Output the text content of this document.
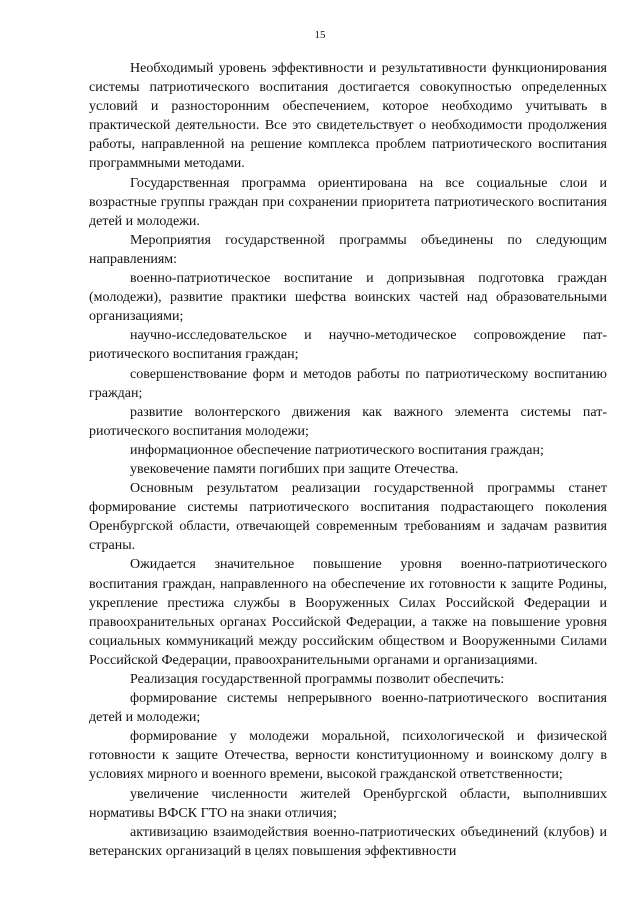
15

Необходимый уровень эффективности и результативности функционирования системы патриотического воспитания достигается совокупностью определенных условий и разносторонним обеспечением, которое необходимо учитывать в практической деятельности. Все это свидетельствует о необходимости продолжения работы, направленной на решение комплекса проблем патриотического воспитания программными методами.

Государственная программа ориентирована на все социальные слои и возрастные группы граждан при сохранении приоритета патриотического воспитания детей и молодежи.

Мероприятия государственной программы объединены по следующим направлениям:

военно-патриотическое воспитание и допризывная подготовка граждан (молодежи), развитие практики шефства воинских частей над образовательными организациями;

научно-исследовательское и научно-методическое сопровождение патриотического воспитания граждан;

совершенствование форм и методов работы по патриотическому воспитанию граждан;

развитие волонтерского движения как важного элемента системы патриотического воспитания молодежи;

информационное обеспечение патриотического воспитания граждан;

увековечение памяти погибших при защите Отечества.

Основным результатом реализации государственной программы станет формирование системы патриотического воспитания подрастающего поколения Оренбургской области, отвечающей современным требованиям и задачам развития страны.

Ожидается значительное повышение уровня военно-патриотического воспитания граждан, направленного на обеспечение их готовности к защите Родины, укрепление престижа службы в Вооруженных Силах Российской Федерации и правоохранительных органах Российской Федерации, а также на повышение уровня социальных коммуникаций между российским обществом и Вооруженными Силами Российской Федерации, правоохранительными органами и организациями.

Реализация государственной программы позволит обеспечить:

формирование системы непрерывного военно-патриотического воспитания детей и молодежи;

формирование у молодежи моральной, психологической и физической готовности к защите Отечества, верности конституционному и воинскому долгу в условиях мирного и военного времени, высокой гражданской ответственности;

увеличение численности жителей Оренбургской области, выполнивших нормативы ВФСК ГТО на знаки отличия;

активизацию взаимодействия военно-патриотических объединений (клубов) и ветеранских организаций в целях повышения эффективности
